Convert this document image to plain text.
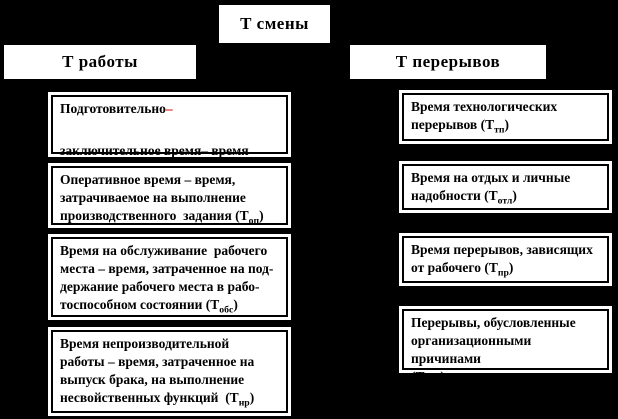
Т смены
Т работы	Т перерывов
Подготовительно–
заключительное время– время
Оперативное время – время,
затрачиваемое на выполнение
производственного  задания $(Т_{оп})$
Время на обслуживание  рабочего
места – время, затраченное на под-
держание рабочего места в рабо-
тоспособном состоянии $(Т_{обс})$
Время непроизводительной
работы – время, затраченное на
выпуск брака, на выполнение
несвойственных функций  $(Т_{нр})$
Время технологических
перерывов $(Т_{тп})$
Время на отдых и личные
надобности $(Т_{отл})$
Время перерывов, зависящих
от рабочего $(Т_{пр})$
Перерывы, обусловленные
организационными  причинами
$(Т_{орп})$
